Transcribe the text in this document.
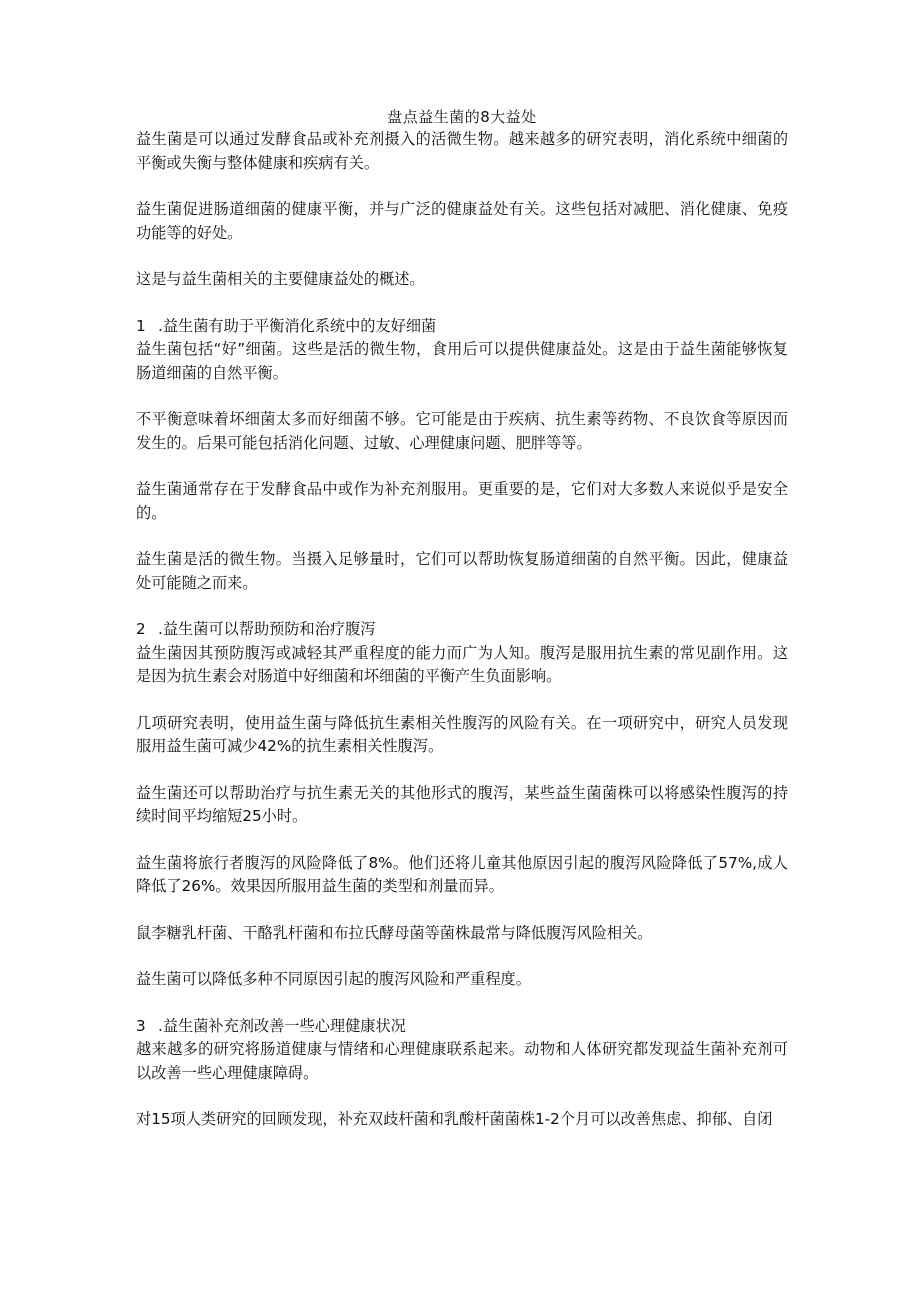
盘点益生菌的8大益处

益生菌是可以通过发酵食品或补充剂摄入的活微生物。越来越多的研究表明，消化系统中细菌的平衡或失衡与整体健康和疾病有关。

益生菌促进肠道细菌的健康平衡，并与广泛的健康益处有关。这些包括对减肥、消化健康、免疫功能等的好处。

这是与益生菌相关的主要健康益处的概述。

1 .益生菌有助于平衡消化系统中的友好细菌

益生菌包括“好”细菌。这些是活的微生物，食用后可以提供健康益处。这是由于益生菌能够恢复肠道细菌的自然平衡。

不平衡意味着坏细菌太多而好细菌不够。它可能是由于疾病、抗生素等药物、不良饮食等原因而发生的。后果可能包括消化问题、过敏、心理健康问题、肥胖等等。

益生菌通常存在于发酵食品中或作为补充剂服用。更重要的是，它们对大多数人来说似乎是安全的。

益生菌是活的微生物。当摄入足够量时，它们可以帮助恢复肠道细菌的自然平衡。因此，健康益处可能随之而来。

2 .益生菌可以帮助预防和治疗腹泻

益生菌因其预防腹泻或减轻其严重程度的能力而广为人知。腹泻是服用抗生素的常见副作用。这是因为抗生素会对肠道中好细菌和坏细菌的平衡产生负面影响。

几项研究表明，使用益生菌与降低抗生素相关性腹泻的风险有关。在一项研究中，研究人员发现服用益生菌可减少42%的抗生素相关性腹泻。

益生菌还可以帮助治疗与抗生素无关的其他形式的腹泻，某些益生菌菌株可以将感染性腹泻的持续时间平均缩短25小时。

益生菌将旅行者腹泻的风险降低了8%。他们还将儿童其他原因引起的腹泻风险降低了57%,成人降低了26%。效果因所服用益生菌的类型和剂量而异。

鼠李糖乳杆菌、干酪乳杆菌和布拉氏酵母菌等菌株最常与降低腹泻风险相关。

益生菌可以降低多种不同原因引起的腹泻风险和严重程度。

3 .益生菌补充剂改善一些心理健康状况

越来越多的研究将肠道健康与情绪和心理健康联系起来。动物和人体研究都发现益生菌补充剂可以改善一些心理健康障碍。

对15项人类研究的回顾发现，补充双歧杆菌和乳酸杆菌菌株1-2个月可以改善焦虑、抑郁、自闭
